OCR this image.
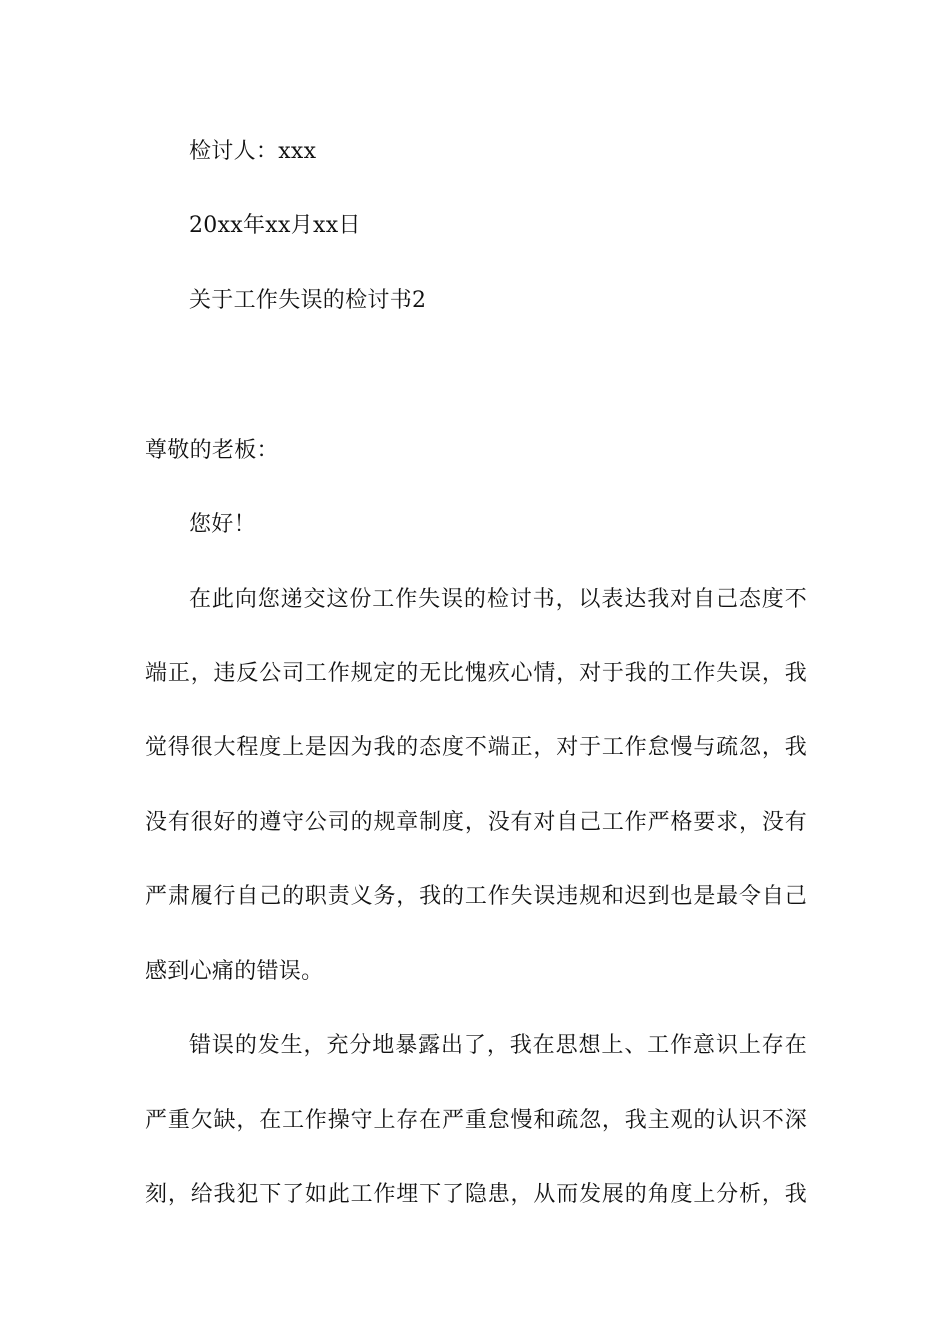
检讨人：xxx
20xx年xx月xx日
关于工作失误的检讨书2
尊敬的老板：
您好！
在此向您递交这份工作失误的检讨书，以表达我对自己态度不
端正，违反公司工作规定的无比愧疚心情，对于我的工作失误，我
觉得很大程度上是因为我的态度不端正，对于工作怠慢与疏忽，我
没有很好的遵守公司的规章制度，没有对自己工作严格要求，没有
严肃履行自己的职责义务，我的工作失误违规和迟到也是最令自己
感到心痛的错误。
错误的发生，充分地暴露出了，我在思想上、工作意识上存在
严重欠缺，在工作操守上存在严重怠慢和疏忽，我主观的认识不深
刻，给我犯下了如此工作埋下了隐患，从而发展的角度上分析，我
